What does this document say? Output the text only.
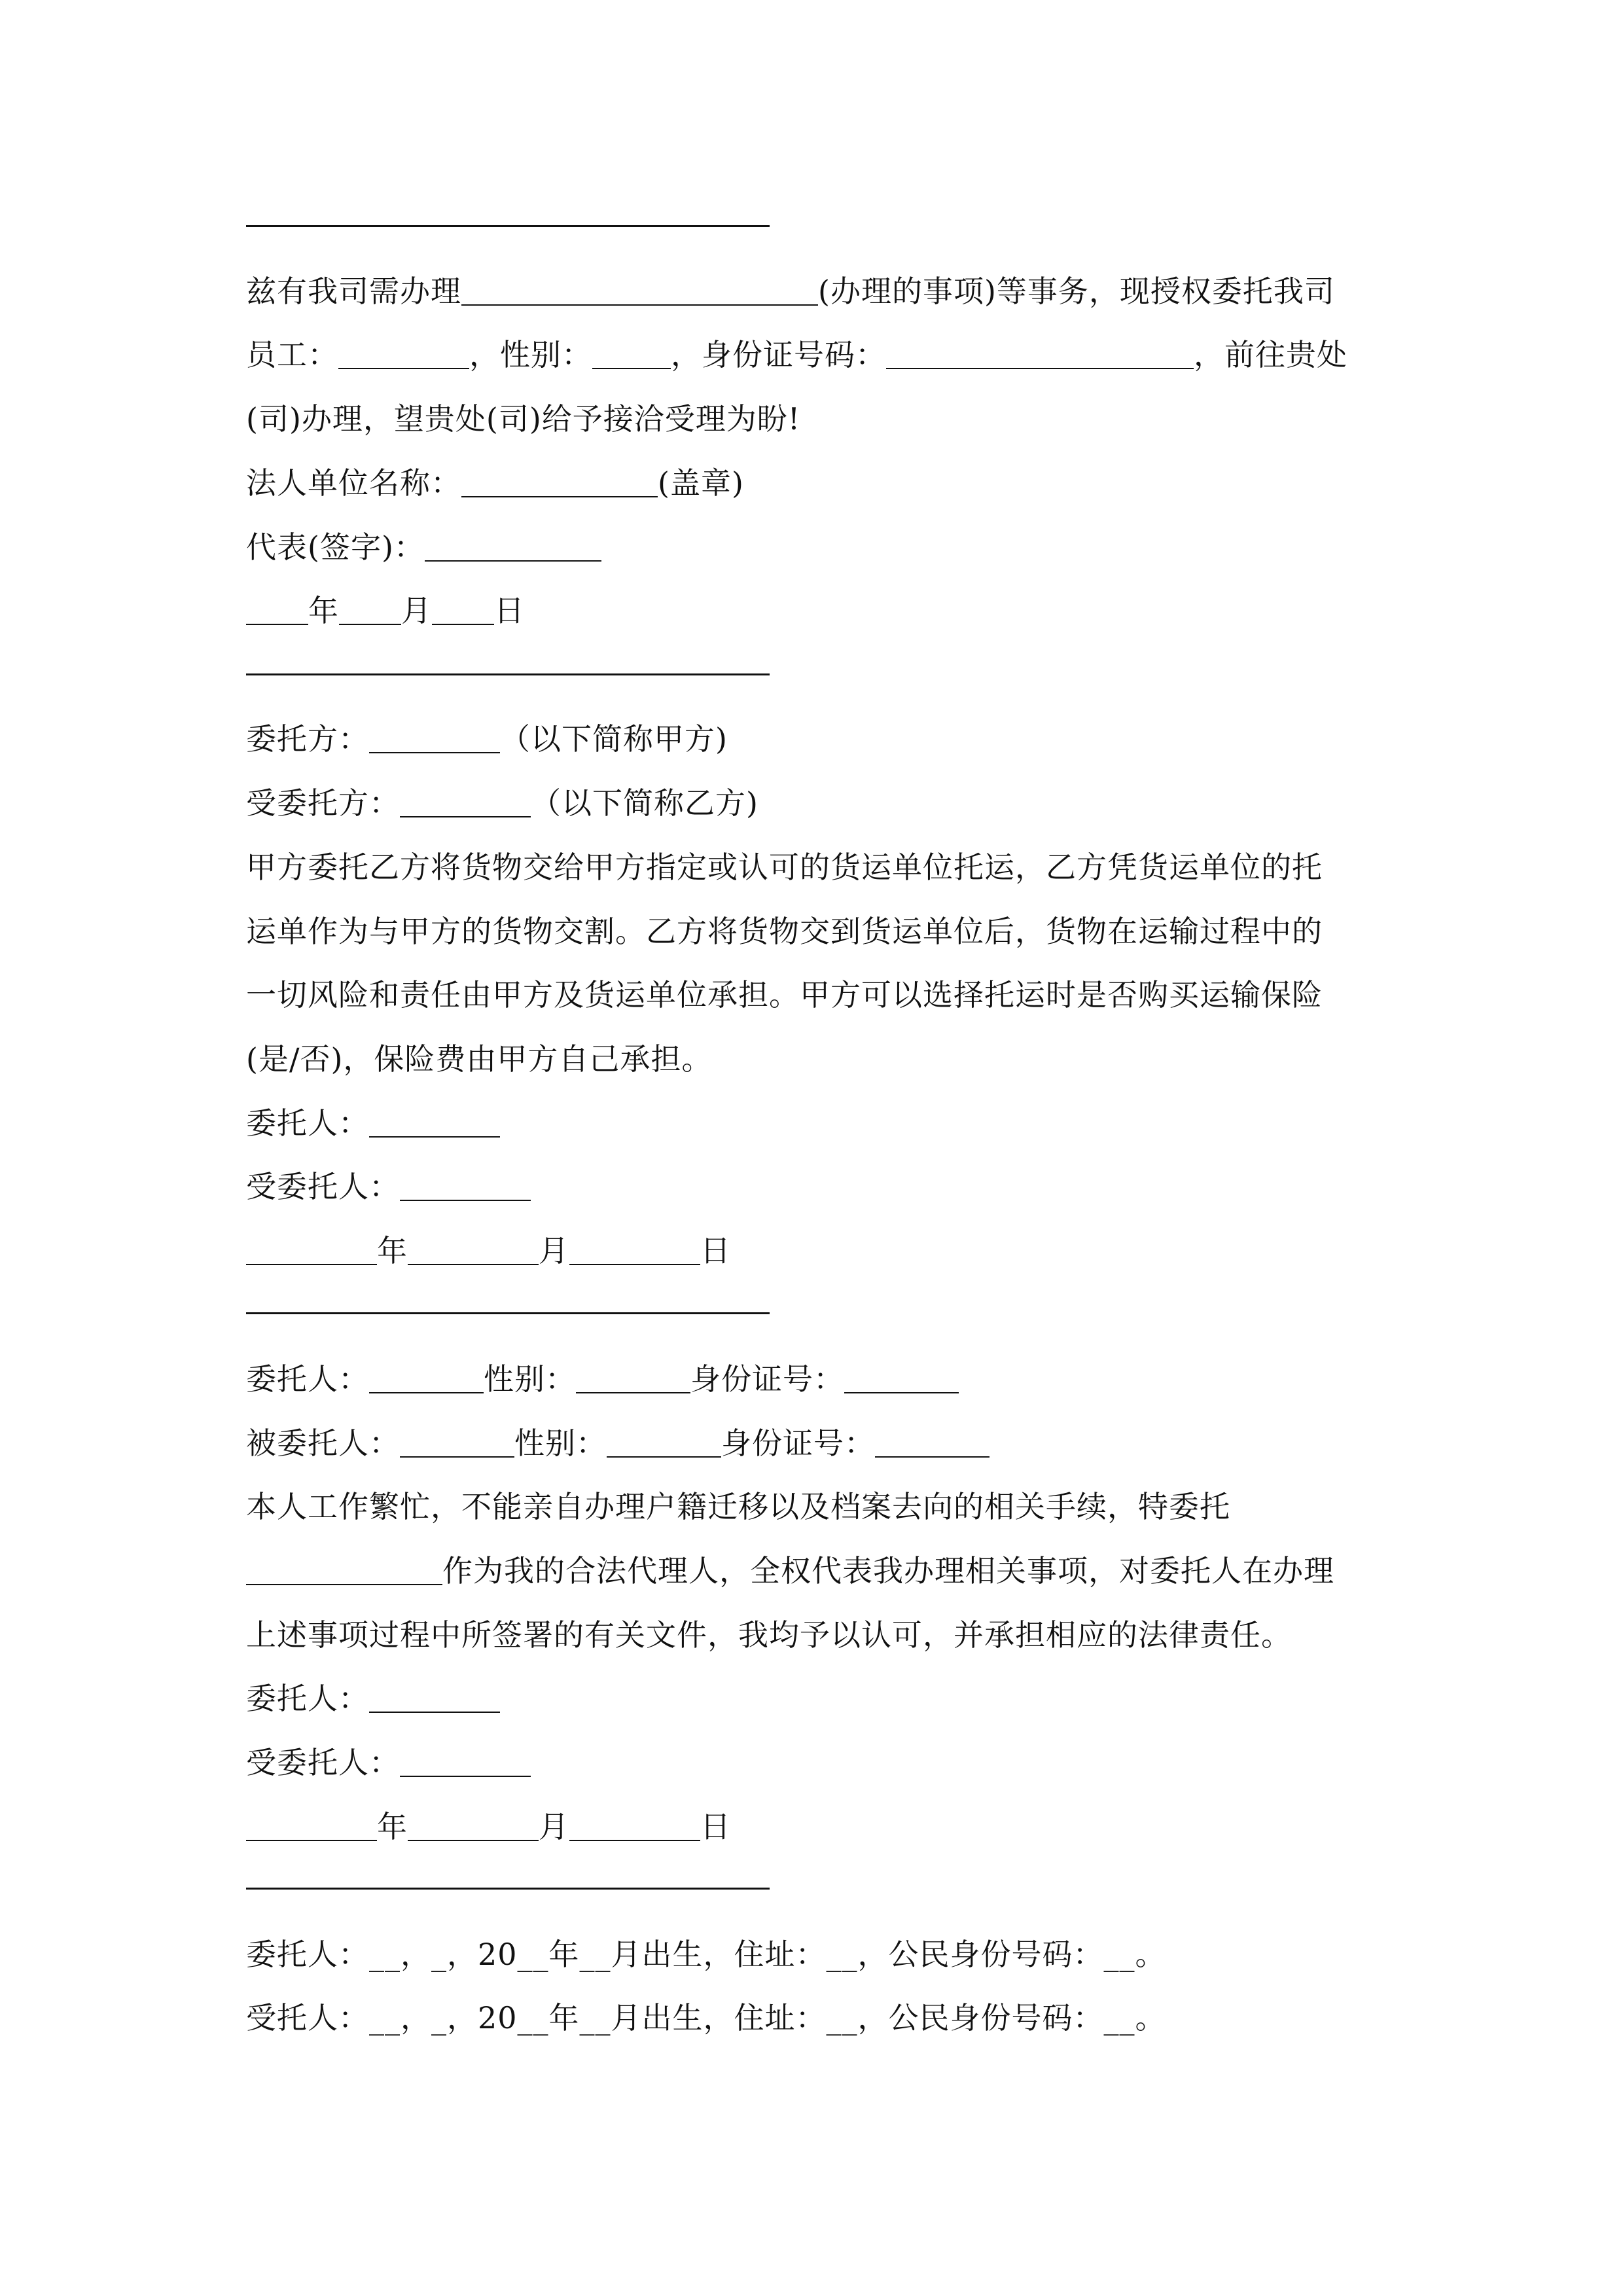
兹有我司需办理	(办理的事项)等事务，现授权委托我司
员工：	，性别：	，身份证号码：	，前往贵处
(司)办理，望贵处(司)给予接洽受理为盼!
法人单位名称：	(盖章)
代表(签字)：
年 月 日
委托方：	（以下简称甲方)
受委托方：	（以下简称乙方)
甲方委托乙方将货物交给甲方指定或认可的货运单位托运，乙方凭货运单位的托
运单作为与甲方的货物交割。乙方将货物交到货运单位后，货物在运输过程中的
一切风险和责任由甲方及货运单位承担。甲方可以选择托运时是否购买运输保险
(是/否)，保险费由甲方自己承担。
委托人：
受委托人：
年	月	日
委托人：	性别：	身份证号：
被委托人：	性别：	身份证号：
本人工作繁忙，不能亲自办理户籍迁移以及档案去向的相关手续，特委托
作为我的合法代理人，全权代表我办理相关事项，对委托人在办理
上述事项过程中所签署的有关文件，我均予以认可，并承担相应的法律责任。
委托人：
受委托人：
年	月	日
委托人：__，_，20__年__月出生，住址：__，公民身份号码：__。
受托人：__，_，20__年__月出生，住址：__，公民身份号码：__。
